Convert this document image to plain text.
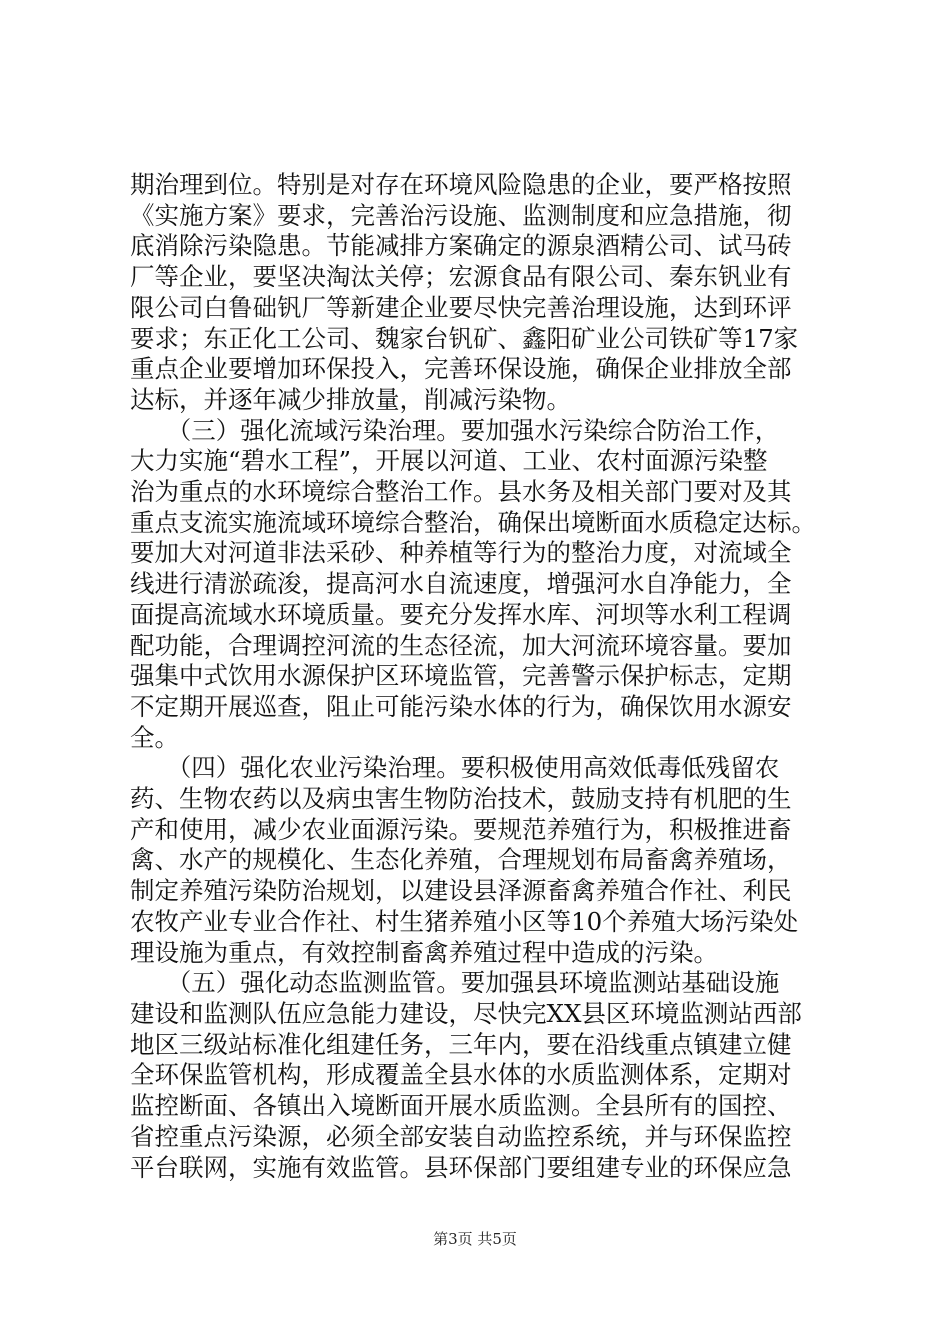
期治理到位。特别是对存在环境风险隐患的企业，要严格按照
《实施方案》要求，完善治污设施、监测制度和应急措施，彻
底消除污染隐患。节能减排方案确定的源泉酒精公司、试马砖
厂等企业，要坚决淘汰关停；宏源食品有限公司、秦东钒业有
限公司白鲁础钒厂等新建企业要尽快完善治理设施，达到环评
要求；东正化工公司、魏家台钒矿、鑫阳矿业公司铁矿等17家
重点企业要增加环保投入，完善环保设施，确保企业排放全部
达标，并逐年减少排放量，削减污染物。
　　（三）强化流域污染治理。要加强水污染综合防治工作，
大力实施“碧水工程”，开展以河道、工业、农村面源污染整
治为重点的水环境综合整治工作。县水务及相关部门要对及其
重点支流实施流域环境综合整治，确保出境断面水质稳定达标。
要加大对河道非法采砂、种养植等行为的整治力度，对流域全
线进行清淤疏浚，提高河水自流速度，增强河水自净能力，全
面提高流域水环境质量。要充分发挥水库、河坝等水利工程调
配功能，合理调控河流的生态径流，加大河流环境容量。要加
强集中式饮用水源保护区环境监管，完善警示保护标志，定期
不定期开展巡查，阻止可能污染水体的行为，确保饮用水源安
全。
　　（四）强化农业污染治理。要积极使用高效低毒低残留农
药、生物农药以及病虫害生物防治技术，鼓励支持有机肥的生
产和使用，减少农业面源污染。要规范养殖行为，积极推进畜
禽、水产的规模化、生态化养殖，合理规划布局畜禽养殖场，
制定养殖污染防治规划，以建设县泽源畜禽养殖合作社、利民
农牧产业专业合作社、村生猪养殖小区等10个养殖大场污染处
理设施为重点，有效控制畜禽养殖过程中造成的污染。
　　（五）强化动态监测监管。要加强县环境监测站基础设施
建设和监测队伍应急能力建设，尽快完XX县区环境监测站西部
地区三级站标准化组建任务，三年内，要在沿线重点镇建立健
全环保监管机构，形成覆盖全县水体的水质监测体系，定期对
监控断面、各镇出入境断面开展水质监测。全县所有的国控、
省控重点污染源，必须全部安装自动监控系统，并与环保监控
平台联网，实施有效监管。县环保部门要组建专业的环保应急
第3页 共5页
